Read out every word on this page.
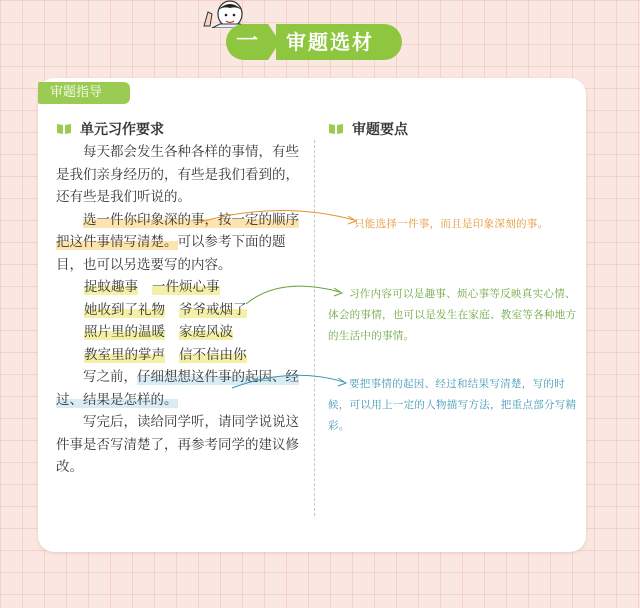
一	审题选材
审题指导
单元习作要求	审题要点

每天都会发生各种各样的事情，有些是我们亲身经历的，有些是我们看到的，还有些是我们听说的。

选一件你印象深的事，按一定的顺序把这件事情写清楚。可以参考下面的题目，也可以另选要写的内容。

捉蚊趣事 一件烦心事
她收到了礼物 爷爷戒烟了
照片里的温暖 家庭风波
教室里的掌声 信不信由你

写之前，仔细想想这件事的起因、经过、结果是怎样的。

写完后，读给同学听，请同学说说这件事是否写清楚了，再参考同学的建议修改。

只能选择一件事，而且是印象深刻的事。
习作内容可以是趣事、烦心事等反映真实心情、体会的事情，也可以是发生在家庭、教室等各种地方的生活中的事情。
要把事情的起因、经过和结果写清楚，写的时候，可以用上一定的人物描写方法，把重点部分写精彩。
